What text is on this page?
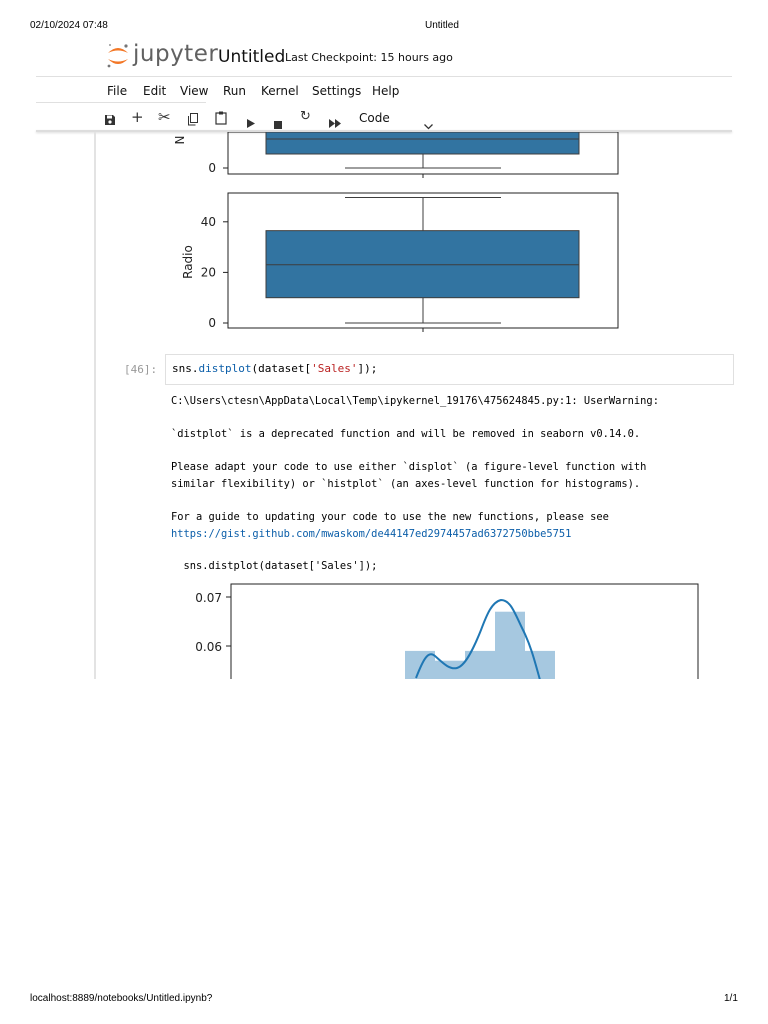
02/10/2024 07:48	Untitled
jupyter Untitled Last Checkpoint: 15 hours ago
File Edit View Run Kernel Settings Help
+ ✂	↻	Code
0
N
0
20
40
Radio
[46]: sns.distplot(dataset['Sales']);
C:\Users\ctesn\AppData\Local\Temp\ipykernel_19176\475624845.py:1: UserWarning:
`distplot` is a deprecated function and will be removed in seaborn v0.14.0.
Please adapt your code to use either `displot` (a figure-level function with
similar flexibility) or `histplot` (an axes-level function for histograms).
For a guide to updating your code to use the new functions, please see
https://gist.github.com/mwaskom/de44147ed2974457ad6372750bbe5751
sns.distplot(dataset['Sales']);
0.07
0.06
localhost:8889/notebooks/Untitled.ipynb?	1/1
